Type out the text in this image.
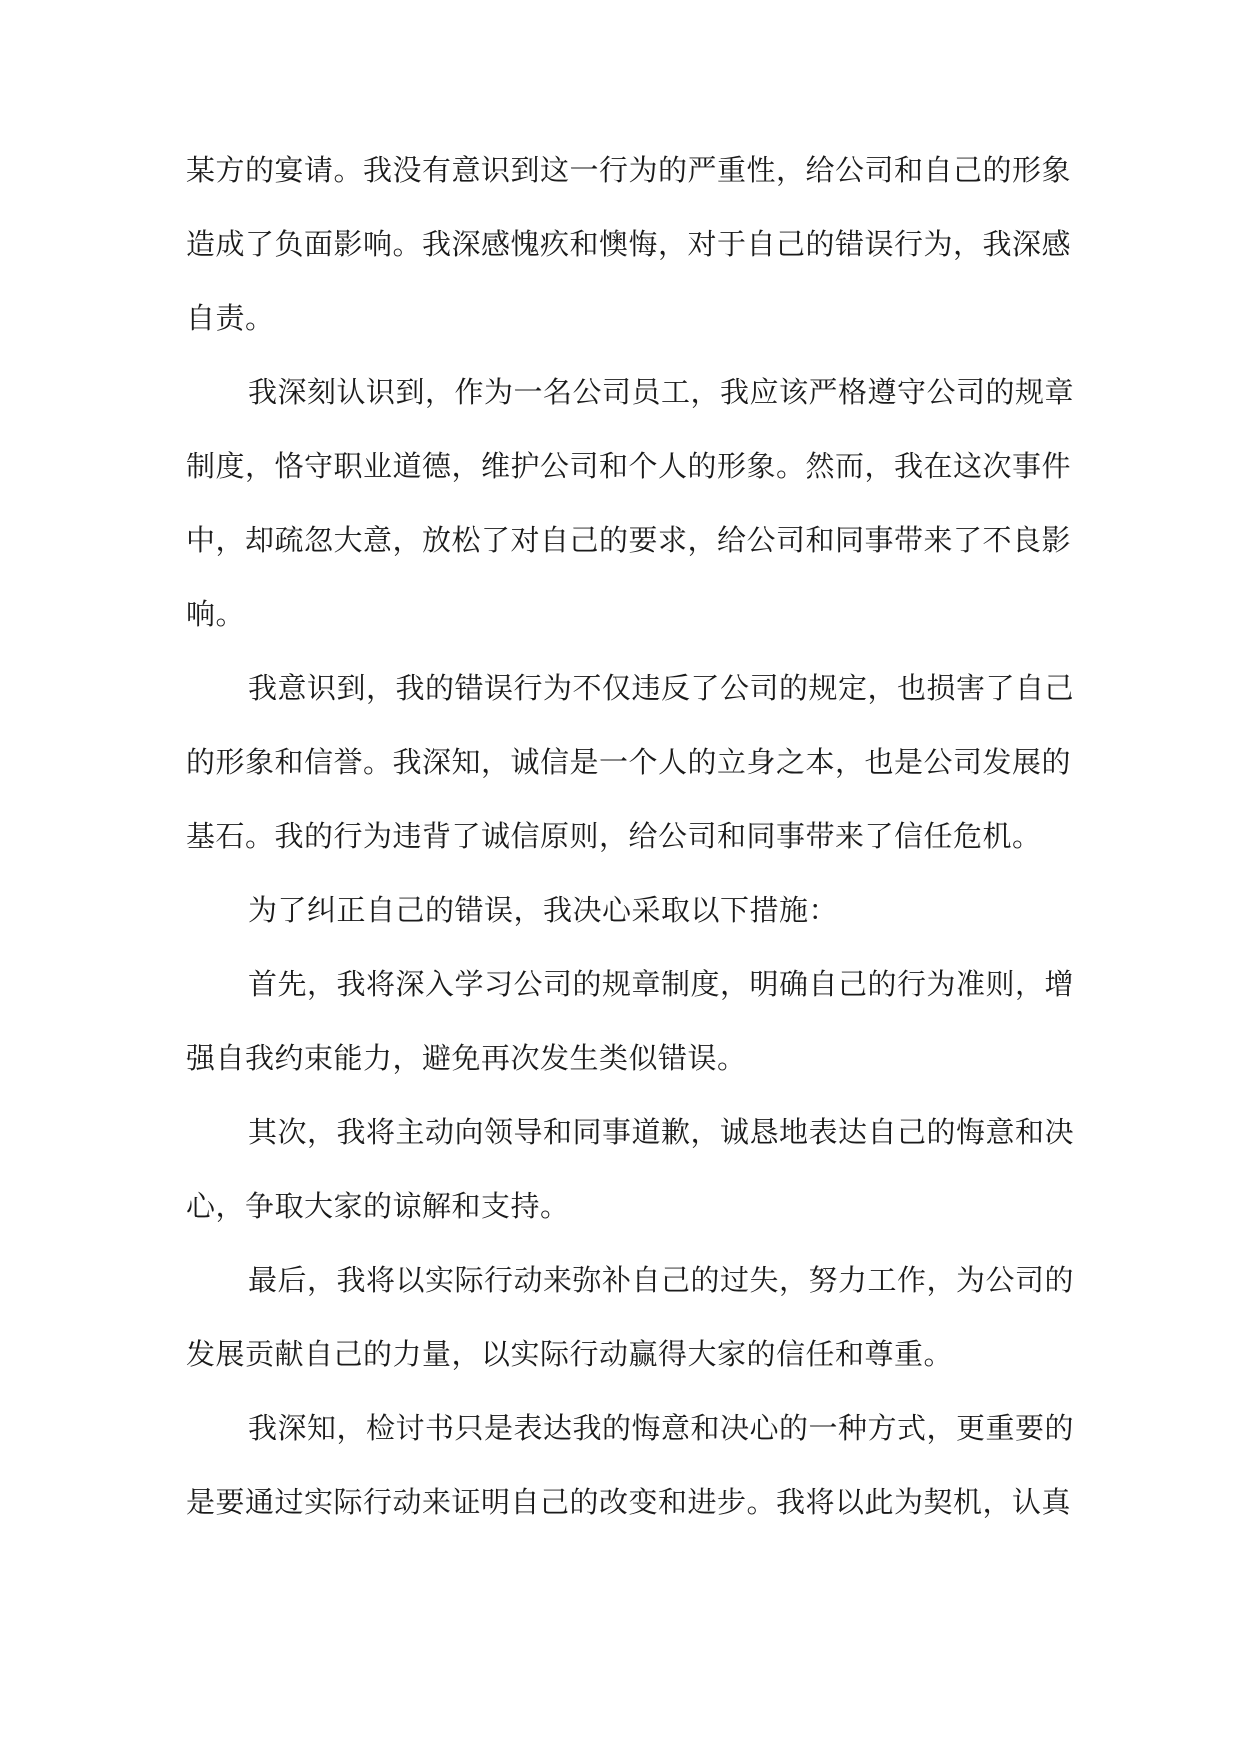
某方的宴请。我没有意识到这一行为的严重性，给公司和自己的形象
造成了负面影响。我深感愧疚和懊悔，对于自己的错误行为，我深感
自责。
我深刻认识到，作为一名公司员工，我应该严格遵守公司的规章
制度，恪守职业道德，维护公司和个人的形象。然而，我在这次事件
中，却疏忽大意，放松了对自己的要求，给公司和同事带来了不良影
响。
我意识到，我的错误行为不仅违反了公司的规定，也损害了自己
的形象和信誉。我深知，诚信是一个人的立身之本，也是公司发展的
基石。我的行为违背了诚信原则，给公司和同事带来了信任危机。
为了纠正自己的错误，我决心采取以下措施：
首先，我将深入学习公司的规章制度，明确自己的行为准则，增
强自我约束能力，避免再次发生类似错误。
其次，我将主动向领导和同事道歉，诚恳地表达自己的悔意和决
心，争取大家的谅解和支持。
最后，我将以实际行动来弥补自己的过失，努力工作，为公司的
发展贡献自己的力量，以实际行动赢得大家的信任和尊重。
我深知，检讨书只是表达我的悔意和决心的一种方式，更重要的
是要通过实际行动来证明自己的改变和进步。我将以此为契机，认真
